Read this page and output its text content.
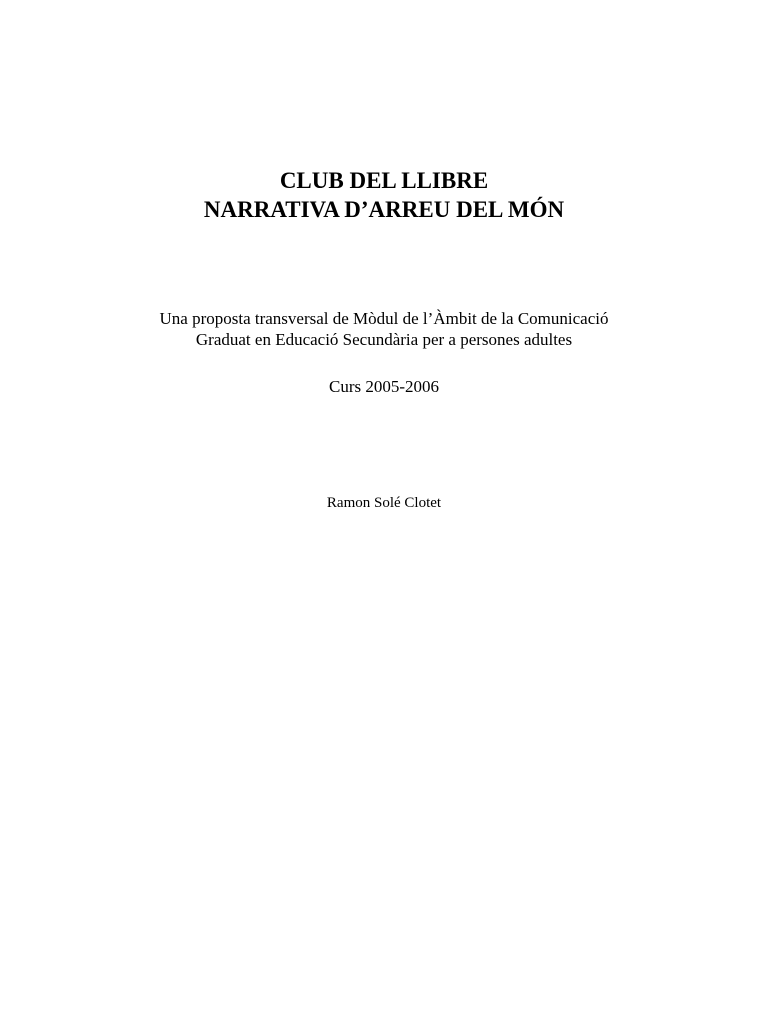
CLUB DEL LLIBRE
NARRATIVA D’ARREU DEL MÓN
Una proposta transversal de Mòdul de l’Àmbit de la Comunicació
Graduat en Educació Secundària per a persones adultes
Curs 2005-2006
Ramon Solé Clotet
